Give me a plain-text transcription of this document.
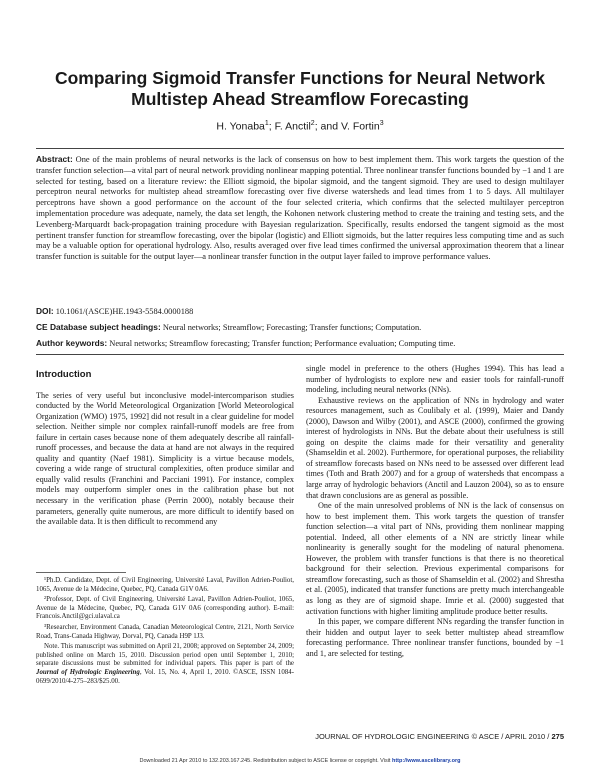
Comparing Sigmoid Transfer Functions for Neural Network
Multistep Ahead Streamflow Forecasting
H. Yonaba$^1$; F. Anctil$^2$; and V. Fortin$^3$
Abstract: One of the main problems of neural networks is the lack of consensus on how to best implement them. This work targets the question of the transfer function selection—a vital part of neural network providing nonlinear mapping potential. Three nonlinear transfer functions bounded by −1 and 1 are selected for testing, based on a literature review: the Elliott sigmoid, the bipolar sigmoid, and the tangent sigmoid. They are used to design multilayer perceptron neural networks for multistep ahead streamflow forecasting over five diverse watersheds and lead times from 1 to 5 days. All multilayer perceptrons have shown a good performance on the account of the four selected criteria, which confirms that the selected multilayer perceptron implementation procedure was adequate, namely, the data set length, the Kohonen network clustering method to create the training and testing sets, and the Levenberg-Marquardt back-propagation training procedure with Bayesian regularization. Specifically, results endorsed the tangent sigmoid as the most pertinent transfer function for streamflow forecasting, over the bipolar (logistic) and Elliott sigmoids, but the latter requires less computing time and as such may be a valuable option for operational hydrology. Also, results averaged over five lead times confirmed the universal approximation theorem that a linear transfer function is suitable for the output layer—a nonlinear transfer function in the output layer failed to improve performance values.
DOI: 10.1061/(ASCE)HE.1943-5584.0000188
CE Database subject headings: Neural networks; Streamflow; Forecasting; Transfer functions; Computation.
Author keywords: Neural networks; Streamflow forecasting; Transfer function; Performance evaluation; Computing time.
Introduction

The series of very useful but inconclusive model-intercomparison studies conducted by the World Meteorological Organization [World Meteorological Organization (WMO) 1975, 1992] did not result in a clear guideline for model selection. Neither simple nor complex rainfall-runoff models are free from failure in certain cases because none of them adequately describe all rainfall-runoff processes, and because the data at hand are not always in the required quality and quantity (Naef 1981). Simplicity is a virtue because models, covering a wide range of structural complexities, often produce similar and equally valid results (Franchini and Pacciani 1991). For instance, complex models may outperform simpler ones in the calibration phase but not necessary in the verification phase (Perrin 2000), notably because their parameters, generally quite numerous, are more difficult to identify based on the available data. It is then difficult to recommend any

¹Ph.D. Candidate, Dept. of Civil Engineering, Université Laval, Pavillon Adrien-Pouliot, 1065, Avenue de la Médecine, Quebec, PQ, Canada G1V 0A6.

²Professor, Dept. of Civil Engineering, Université Laval, Pavillon Adrien-Pouliot, 1065, Avenue de la Médecine, Quebec, PQ, Canada G1V 0A6 (corresponding author). E-mail: Francois.Anctil@gci.ulaval.ca

³Researcher, Environment Canada, Canadian Meteorological Centre, 2121, North Service Road, Trans-Canada Highway, Dorval, PQ, Canada H9P 1J3.

Note. This manuscript was submitted on April 21, 2008; approved on September 24, 2009; published online on March 15, 2010. Discussion period open until September 1, 2010; separate discussions must be submitted for individual papers. This paper is part of the Journal of Hydrologic Engineering, Vol. 15, No. 4, April 1, 2010. ©ASCE, ISSN 1084-0699/2010/4-275–283/$25.00.

single model in preference to the others (Hughes 1994). This has lead a number of hydrologists to explore new and easier tools for rainfall-runoff modeling, including neural networks (NNs).

Exhaustive reviews on the application of NNs in hydrology and water resources management, such as Coulibaly et al. (1999), Maier and Dandy (2000), Dawson and Wilby (2001), and ASCE (2000), confirmed the growing interest of hydrologists in NNs. But the debate about their usefulness is still going on despite the claims made for their versatility and generality (Shamseldin et al. 2002). Furthermore, for operational purposes, the reliability of streamflow forecasts based on NNs need to be assessed over different lead times (Toth and Brath 2007) and for a group of watersheds that encompass a large array of hydrologic behaviors (Anctil and Lauzon 2004), so as to ensure that drawn conclusions are as general as possible.

One of the main unresolved problems of NN is the lack of consensus on how to best implement them. This work targets the question of transfer function selection—a vital part of NNs, providing them nonlinear mapping potential. Indeed, all other elements of a NN are strictly linear while nonlinearity is generally sought for the modeling of natural phenomena. However, the problem with transfer functions is that there is no theoretical background for their selection. Previous experimental comparisons for streamflow forecasting, such as those of Shamseldin et al. (2002) and Shrestha et al. (2005), indicated that transfer functions are pretty much interchangeable as long as they are of sigmoid shape. Imrie et al. (2000) suggested that activation functions with higher limiting amplitude produce better results.

In this paper, we compare different NNs regarding the transfer function in their hidden and output layer to seek better multistep ahead streamflow forecasting performance. Three nonlinear transfer functions, bounded by −1 and 1, are selected for testing,

JOURNAL OF HYDROLOGIC ENGINEERING © ASCE / APRIL 2010 / 275
Downloaded 21 Apr 2010 to 132.203.167.245. Redistribution subject to ASCE license or copyright. Visit http://www.ascelibrary.org
